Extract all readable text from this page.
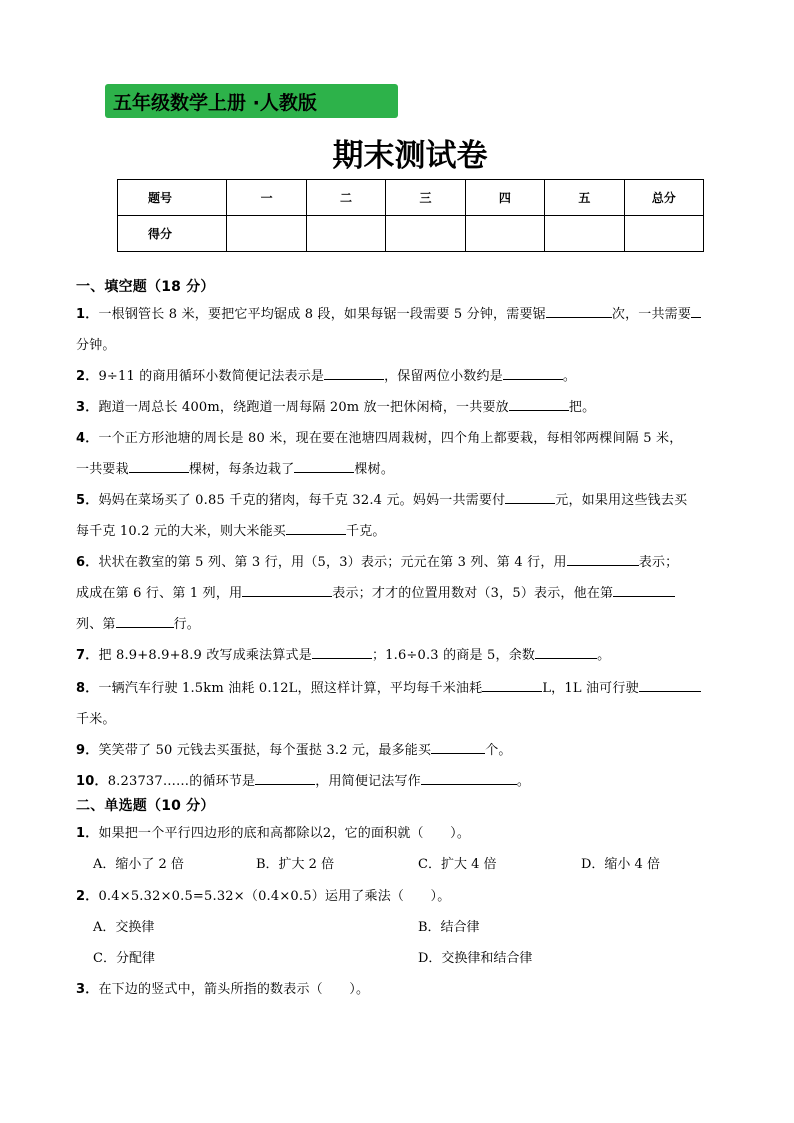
五年级数学上册 ·人教版
期末测试卷
题号	一	二	三	四	五	总分
得分						
一、填空题（18 分）
1．一根钢管长 8 米，要把它平均锯成 8 段，如果每锯一段需要 5 分钟，需要锯	次，一共需要
分钟。
2．9÷11 的商用循环小数简便记法表示是	，保留两位小数约是	。
3．跑道一周总长 400m，绕跑道一周每隔 20m 放一把休闲椅，一共要放	把。
4．一个正方形池塘的周长是 80 米，现在要在池塘四周栽树，四个角上都要栽，每相邻两棵间隔 5 米，
一共要栽	棵树，每条边栽了	棵树。
5．妈妈在菜场买了 0.85 千克的猪肉，每千克 32.4 元。妈妈一共需要付	元，如果用这些钱去买
每千克 10.2 元的大米，则大米能买	千克。
6．状状在教室的第 5 列、第 3 行，用（5，3）表示；元元在第 3 列、第 4 行，用	表示；
成成在第 6 行、第 1 列，用	表示；才才的位置用数对（3，5）表示，他在第
列、第	行。
7．把 8.9+8.9+8.9 改写成乘法算式是	；1.6÷0.3 的商是 5，余数	。
8．一辆汽车行驶 1.5km 油耗 0.12L，照这样计算，平均每千米油耗	L，1L 油可行驶
千米。
9．笑笑带了 50 元钱去买蛋挞，每个蛋挞 3.2 元，最多能买	个。
10．8.23737……的循环节是	，用简便记法写作	。
二、单选题（10 分）
1．如果把一个平行四边形的底和高都除以2，它的面积就（　　）。
A．缩小了 2 倍	B．扩大 2 倍	C．扩大 4 倍	D．缩小 4 倍
2．0.4×5.32×0.5=5.32×（0.4×0.5）运用了乘法（　　）。
A．交换律	B．结合律
C．分配律	D．交换律和结合律
3．在下边的竖式中，箭头所指的数表示（　　）。
